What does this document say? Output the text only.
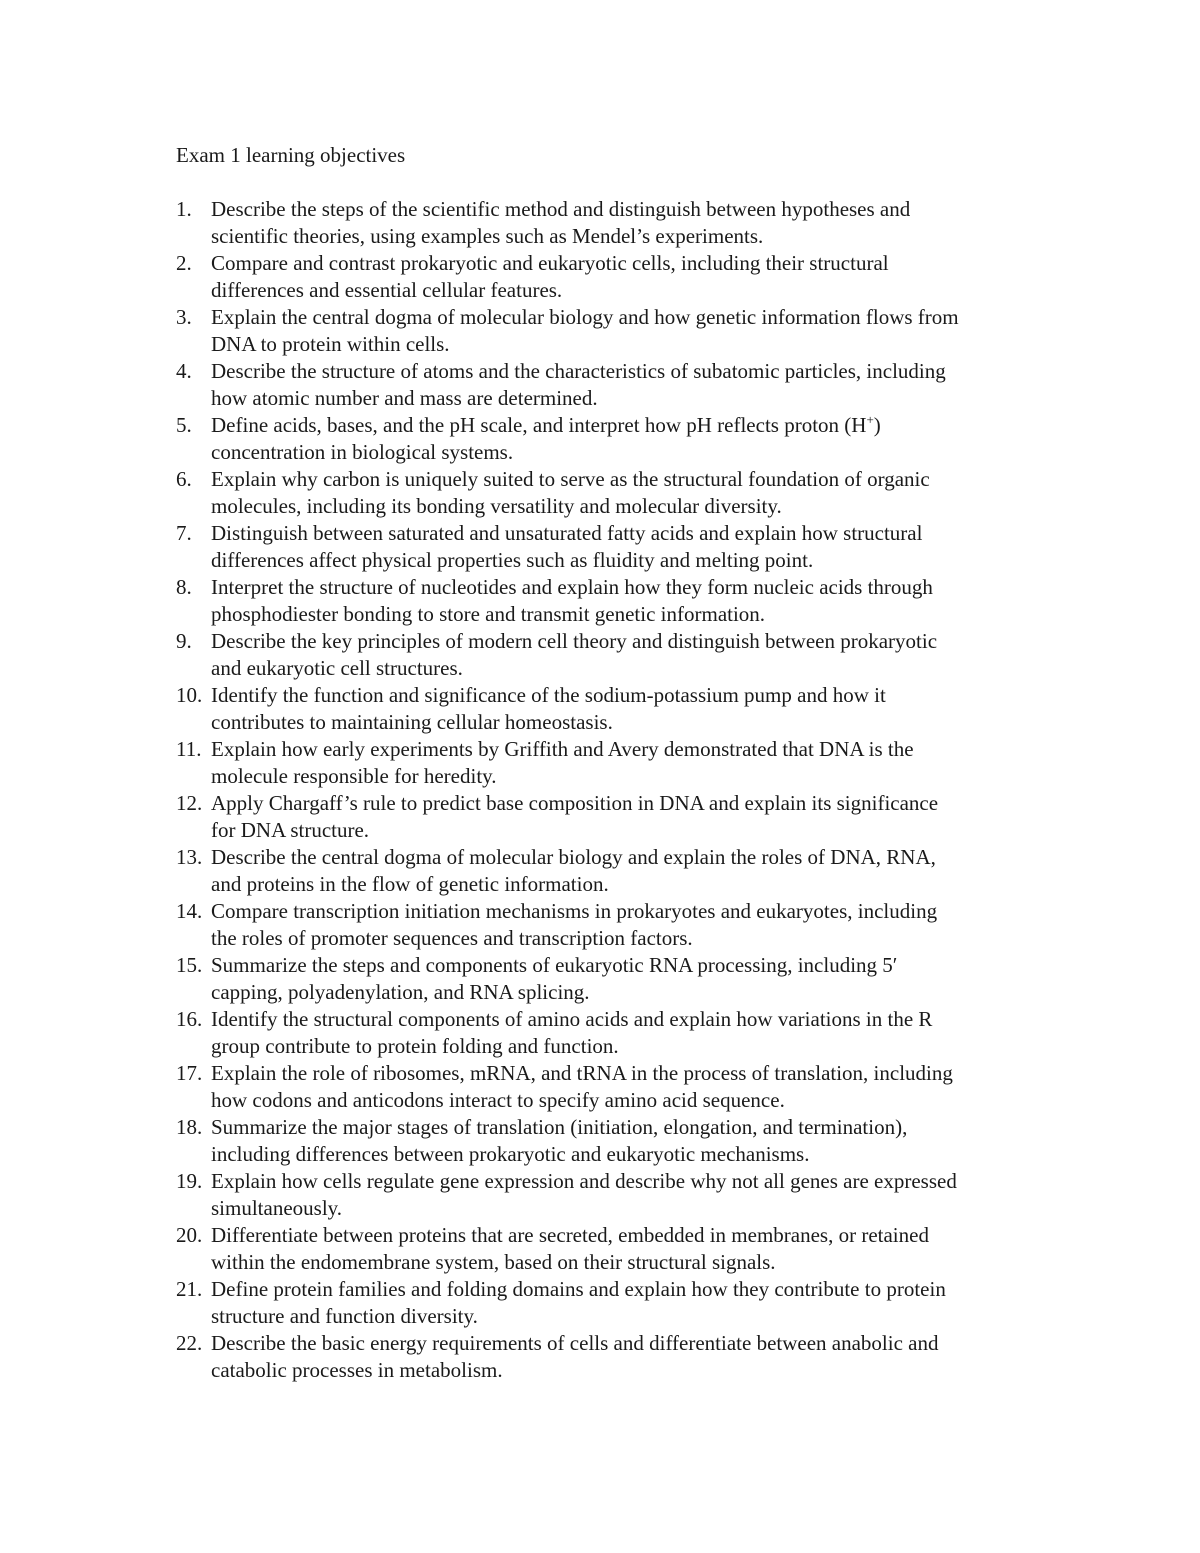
Exam 1 learning objectives
1. Describe the steps of the scientific method and distinguish between hypotheses and
scientific theories, using examples such as Mendel’s experiments.
2. Compare and contrast prokaryotic and eukaryotic cells, including their structural
differences and essential cellular features.
3. Explain the central dogma of molecular biology and how genetic information flows from
DNA to protein within cells.
4. Describe the structure of atoms and the characteristics of subatomic particles, including
how atomic number and mass are determined.
5. Define acids, bases, and the pH scale, and interpret how pH reflects proton (H+)
concentration in biological systems.
6. Explain why carbon is uniquely suited to serve as the structural foundation of organic
molecules, including its bonding versatility and molecular diversity.
7. Distinguish between saturated and unsaturated fatty acids and explain how structural
differences affect physical properties such as fluidity and melting point.
8. Interpret the structure of nucleotides and explain how they form nucleic acids through
phosphodiester bonding to store and transmit genetic information.
9. Describe the key principles of modern cell theory and distinguish between prokaryotic
and eukaryotic cell structures.
10. Identify the function and significance of the sodium-potassium pump and how it
contributes to maintaining cellular homeostasis.
11. Explain how early experiments by Griffith and Avery demonstrated that DNA is the
molecule responsible for heredity.
12. Apply Chargaff’s rule to predict base composition in DNA and explain its significance
for DNA structure.
13. Describe the central dogma of molecular biology and explain the roles of DNA, RNA,
and proteins in the flow of genetic information.
14. Compare transcription initiation mechanisms in prokaryotes and eukaryotes, including
the roles of promoter sequences and transcription factors.
15. Summarize the steps and components of eukaryotic RNA processing, including 5′
capping, polyadenylation, and RNA splicing.
16. Identify the structural components of amino acids and explain how variations in the R
group contribute to protein folding and function.
17. Explain the role of ribosomes, mRNA, and tRNA in the process of translation, including
how codons and anticodons interact to specify amino acid sequence.
18. Summarize the major stages of translation (initiation, elongation, and termination),
including differences between prokaryotic and eukaryotic mechanisms.
19. Explain how cells regulate gene expression and describe why not all genes are expressed
simultaneously.
20. Differentiate between proteins that are secreted, embedded in membranes, or retained
within the endomembrane system, based on their structural signals.
21. Define protein families and folding domains and explain how they contribute to protein
structure and function diversity.
22. Describe the basic energy requirements of cells and differentiate between anabolic and
catabolic processes in metabolism.
